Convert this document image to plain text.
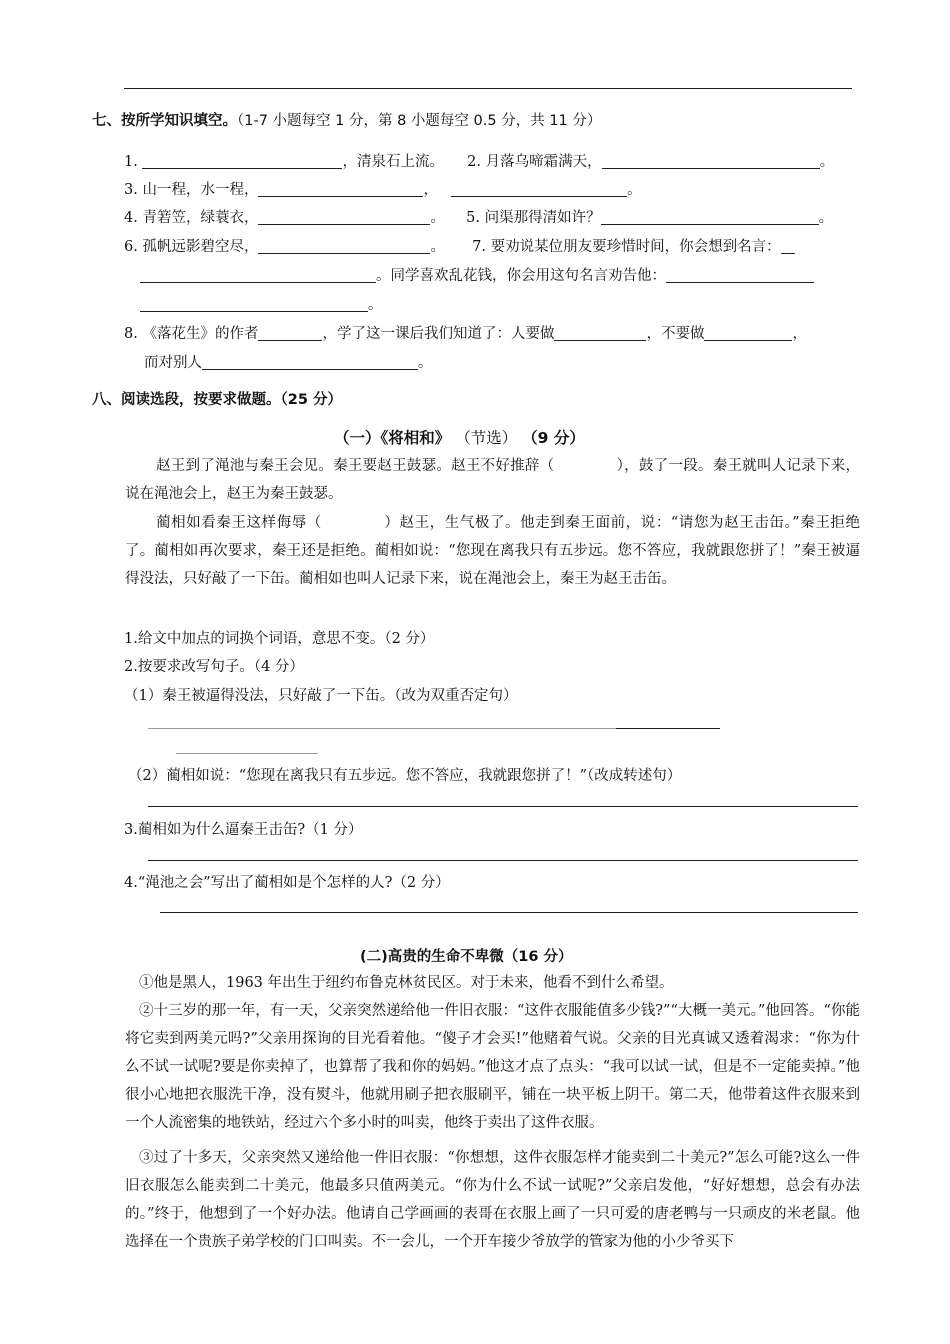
七、按所学知识填空。（1-7 小题每空 1 分，第 8 小题每空 0.5 分，共 11 分）
1.	，清泉石上流。 2. 月落乌啼霜满天，	。
3. 山一程，水一程，	，	。
4. 青箬笠，绿蓑衣，	。 5. 问渠那得清如许？	。
6. 孤帆远影碧空尽，	。 7. 要劝说某位朋友要珍惜时间，你会想到名言：
。同学喜欢乱花钱，你会用这句名言劝告他：
。
8. 《落花生》的作者	，学了这一课后我们知道了：人要做	，不要做	，
而对别人	。
八、阅读选段，按要求做题。（25 分）
（一）《将相和》 （节选） （9 分）
赵王到了渑池与秦王会见。秦王要赵王鼓瑟。赵王不好推辞（	），鼓了一段。秦王就叫人记录下来，说在渑池会上，赵王为秦王鼓瑟。
蔺相如看秦王这样侮辱（	）赵王，生气极了。他走到秦王面前，说：“请您为赵王击缶。”秦王拒绝了。蔺相如再次要求，秦王还是拒绝。蔺相如说：“您现在离我只有五步远。您不答应，我就跟您拼了！”秦王被逼得没法，只好敲了一下缶。蔺相如也叫人记录下来，说在渑池会上，秦王为赵王击缶。
1.给文中加点的词换个词语，意思不变。（2 分）
2.按要求改写句子。（4 分）
（1）秦王被逼得没法，只好敲了一下缶。（改为双重否定句）
（2）蔺相如说：“您现在离我只有五步远。您不答应，我就跟您拼了！”（改成转述句）
3.蔺相如为什么逼秦王击缶?（1 分）
4.“渑池之会”写出了蔺相如是个怎样的人?（2 分）
(二)高贵的生命不卑微（16 分）
①他是黑人，1963 年出生于纽约布鲁克林贫民区。对于未来，他看不到什么希望。
②十三岁的那一年，有一天，父亲突然递给他一件旧衣服：“这件衣服能值多少钱?”“大概一美元。”他回答。“你能将它卖到两美元吗?”父亲用探询的目光看着他。“傻子才会买!”他赌着气说。父亲的目光真诚又透着渴求：“你为什么不试一试呢?要是你卖掉了，也算帮了我和你的妈妈。”他这才点了点头：“我可以试一试，但是不一定能卖掉。”他很小心地把衣服洗干净，没有熨斗，他就用刷子把衣服刷平，铺在一块平板上阴干。第二天，他带着这件衣服来到一个人流密集的地铁站，经过六个多小时的叫卖，他终于卖出了这件衣服。
③过了十多天，父亲突然又递给他一件旧衣服：“你想想，这件衣服怎样才能卖到二十美元?”怎么可能?这么一件旧衣服怎么能卖到二十美元，他最多只值两美元。“你为什么不试一试呢?”父亲启发他，“好好想想，总会有办法的。”终于，他想到了一个好办法。他请自己学画画的表哥在衣服上画了一只可爱的唐老鸭与一只顽皮的米老鼠。他选择在一个贵族子弟学校的门口叫卖。不一会儿，一个开车接少爷放学的管家为他的小少爷买下
